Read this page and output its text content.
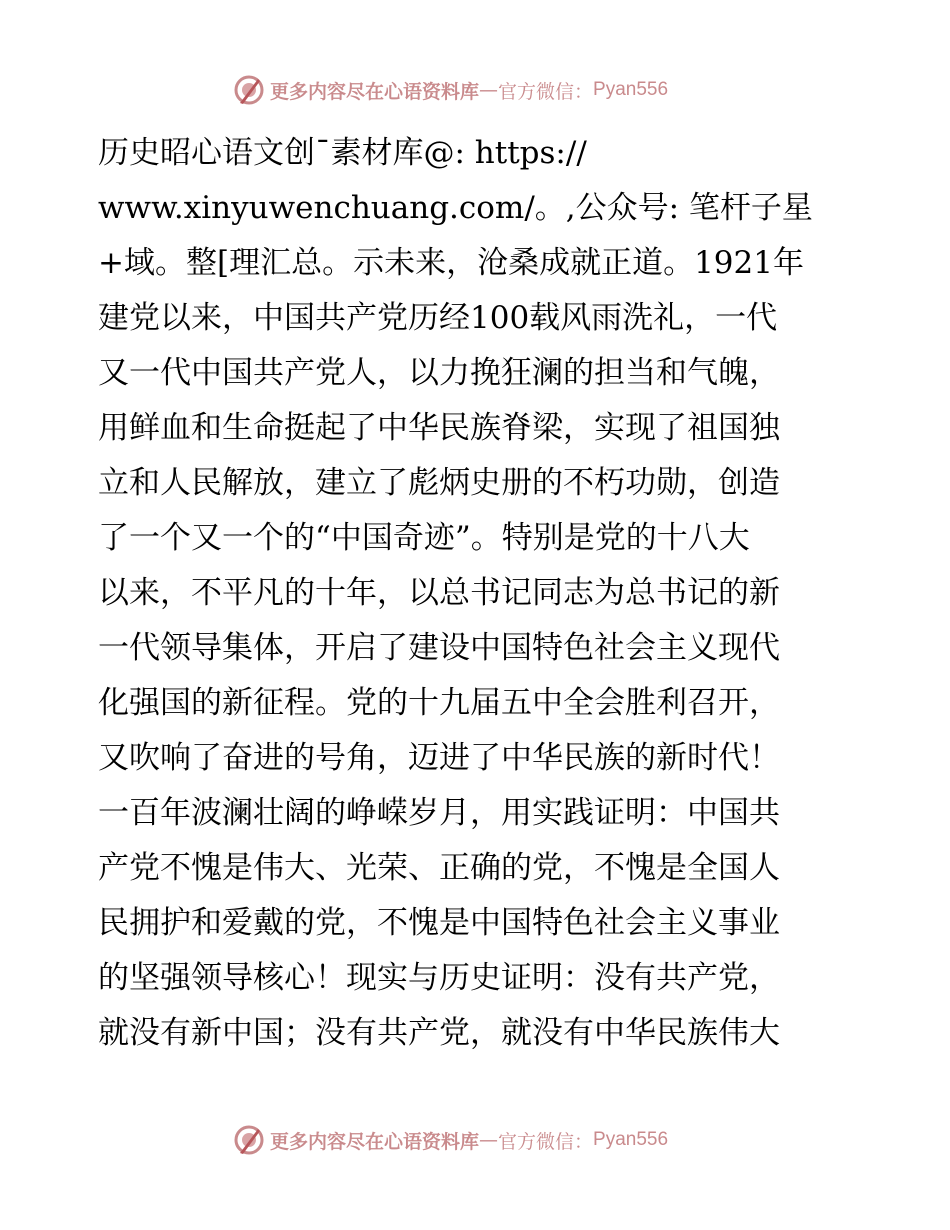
更多内容尽在心语资料库 — 官方微信： Pyan556
历史昭心语文创¯素材库@: https://
www.xinyuwenchuang.com/。,公众号: 笔杆子星
+域。整[理汇总。示未来，沧桑成就正道。1921年
建党以来，中国共产党历经100载风雨洗礼，一代
又一代中国共产党人，以力挽狂澜的担当和气魄，
用鲜血和生命挺起了中华民族脊梁，实现了祖国独
立和人民解放，建立了彪炳史册的不朽功勋，创造
了一个又一个的“中国奇迹”。特别是党的十八大
以来，不平凡的十年，以总书记同志为总书记的新
一代领导集体，开启了建设中国特色社会主义现代
化强国的新征程。党的十九届五中全会胜利召开，
又吹响了奋进的号角，迈进了中华民族的新时代！
一百年波澜壮阔的峥嵘岁月，用实践证明：中国共
产党不愧是伟大、光荣、正确的党，不愧是全国人
民拥护和爱戴的党，不愧是中国特色社会主义事业
的坚强领导核心！现实与历史证明：没有共产党，
就没有新中国；没有共产党，就没有中华民族伟大
更多内容尽在心语资料库 — 官方微信： Pyan556
